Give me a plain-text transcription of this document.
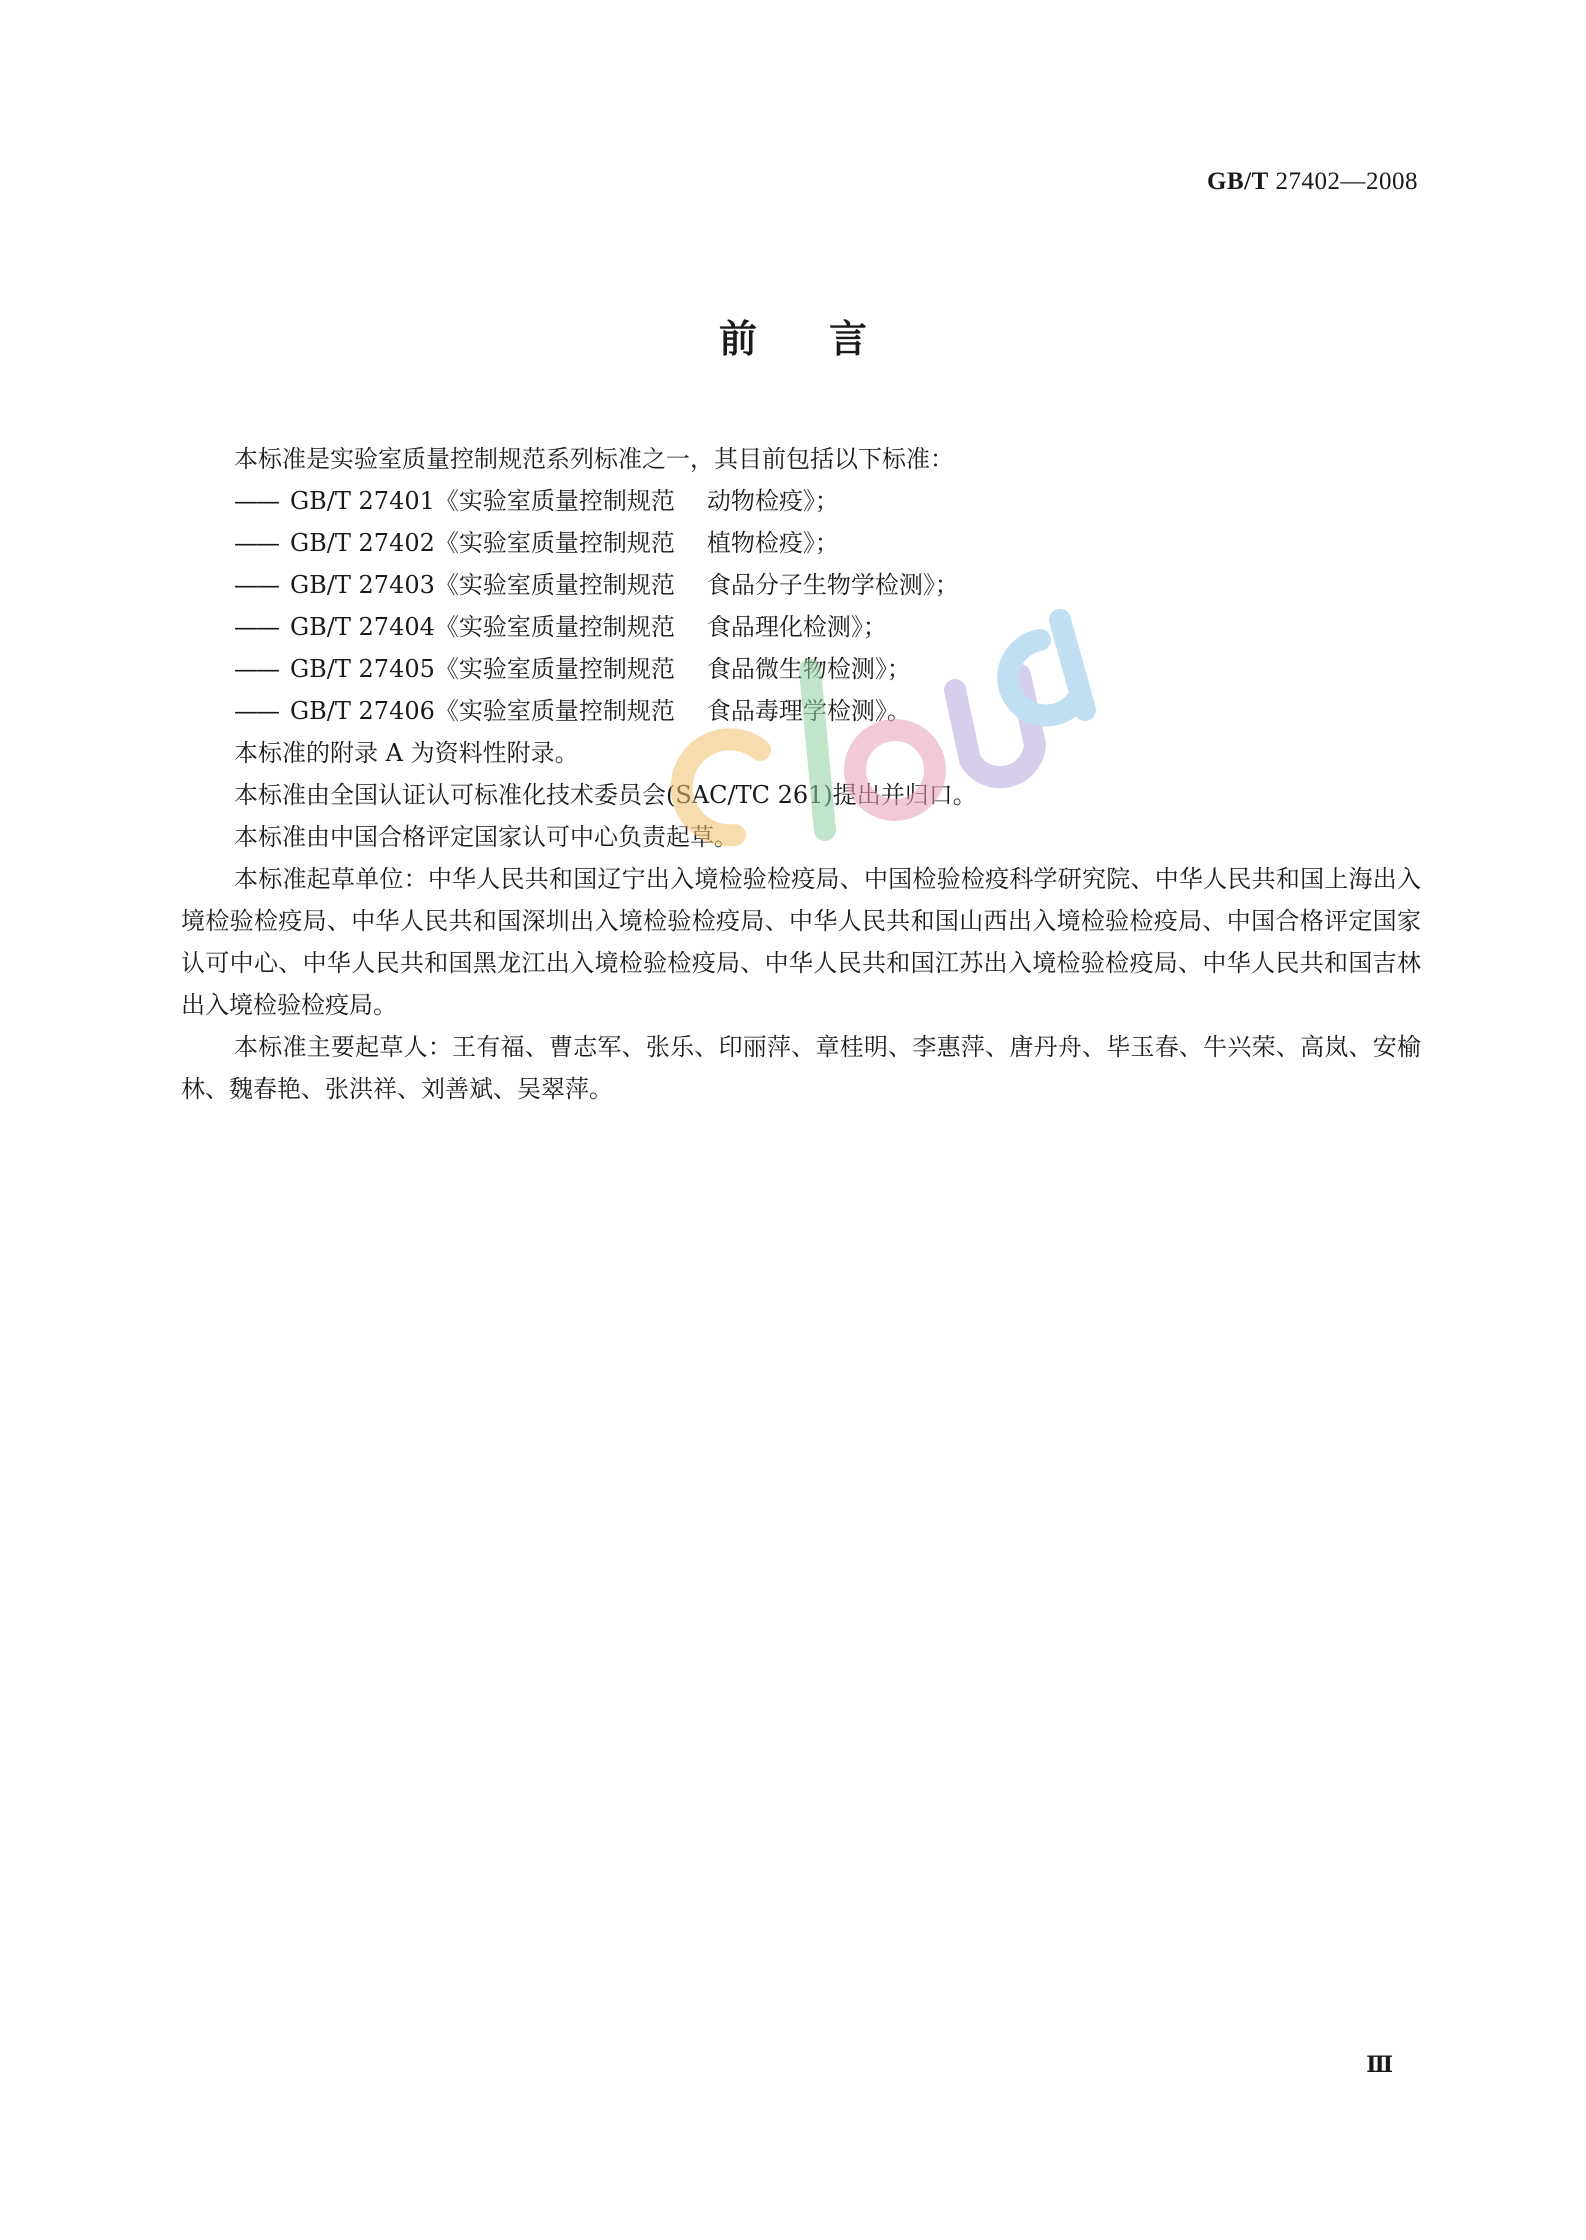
GB/T 27402—2008
前言

本标准是实验室质量控制规范系列标准之一，其目前包括以下标准：

—— GB/T 27401《实验室质量控制规范 动物检疫》；

—— GB/T 27402《实验室质量控制规范 植物检疫》；

—— GB/T 27403《实验室质量控制规范 食品分子生物学检测》；

—— GB/T 27404《实验室质量控制规范 食品理化检测》；

—— GB/T 27405《实验室质量控制规范 食品微生物检测》；

—— GB/T 27406《实验室质量控制规范 食品毒理学检测》。

本标准的附录 A 为资料性附录。

本标准由全国认证认可标准化技术委员会(SAC/TC 261)提出并归口。

本标准由中国合格评定国家认可中心负责起草。

本标准起草单位：中华人民共和国辽宁出入境检验检疫局、中国检验检疫科学研究院、中华人民共和国上海出入境检验检疫局、中华人民共和国深圳出入境检验检疫局、中华人民共和国山西出入境检验检疫局、中国合格评定国家认可中心、中华人民共和国黑龙江出入境检验检疫局、中华人民共和国江苏出入境检验检疫局、中华人民共和国吉林出入境检验检疫局。

本标准主要起草人：王有福、曹志军、张乐、印丽萍、章桂明、李惠萍、唐丹舟、毕玉春、牛兴荣、高岚、安榆林、魏春艳、张洪祥、刘善斌、吴翠萍。

Ⅲ
